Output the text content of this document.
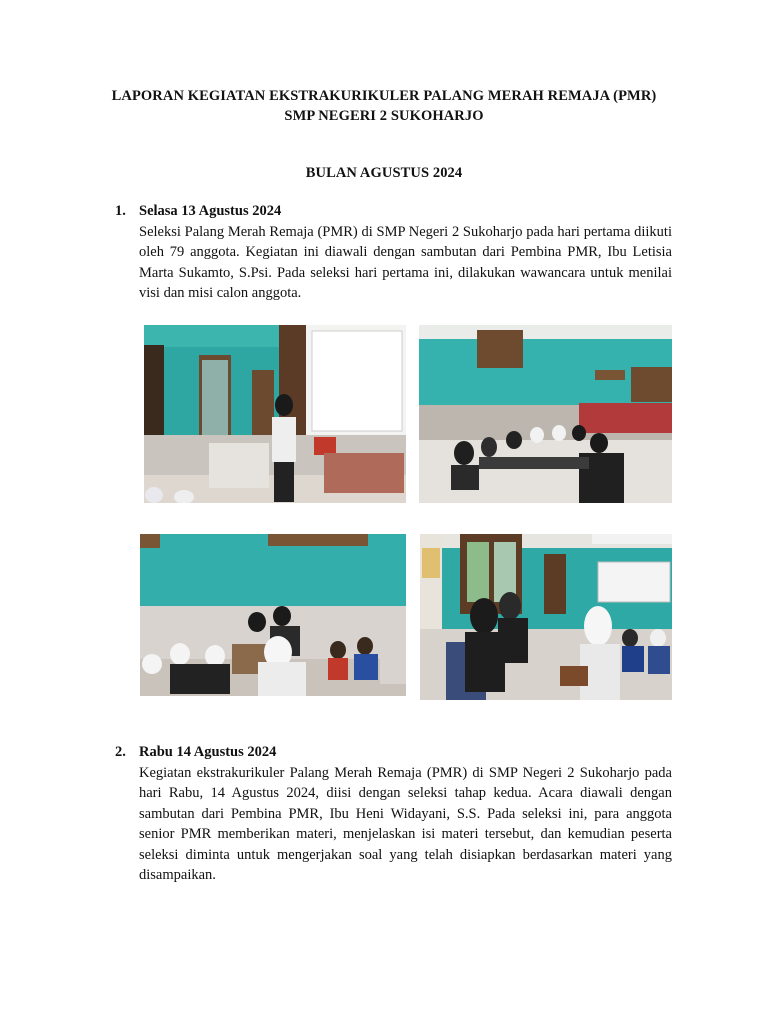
LAPORAN KEGIATAN EKSTRAKURIKULER PALANG MERAH REMAJA (PMR)
SMP NEGERI 2 SUKOHARJO
BULAN AGUSTUS 2024
1. Selasa 13 Agustus 2024

Seleksi Palang Merah Remaja (PMR) di SMP Negeri 2 Sukoharjo pada hari pertama diikuti oleh 79 anggota. Kegiatan ini diawali dengan sambutan dari Pembina PMR, Ibu Letisia Marta Sukamto, S.Psi. Pada seleksi hari pertama ini, dilakukan wawancara untuk menilai visi dan misi calon anggota.

2. Rabu 14 Agustus 2024

Kegiatan ekstrakurikuler Palang Merah Remaja (PMR) di SMP Negeri 2 Sukoharjo pada hari Rabu, 14 Agustus 2024, diisi dengan seleksi tahap kedua. Acara diawali dengan sambutan dari Pembina PMR, Ibu Heni Widayani, S.S. Pada seleksi ini, para anggota senior PMR memberikan materi, menjelaskan isi materi tersebut, dan kemudian peserta seleksi diminta untuk mengerjakan soal yang telah disiapkan berdasarkan materi yang disampaikan.
